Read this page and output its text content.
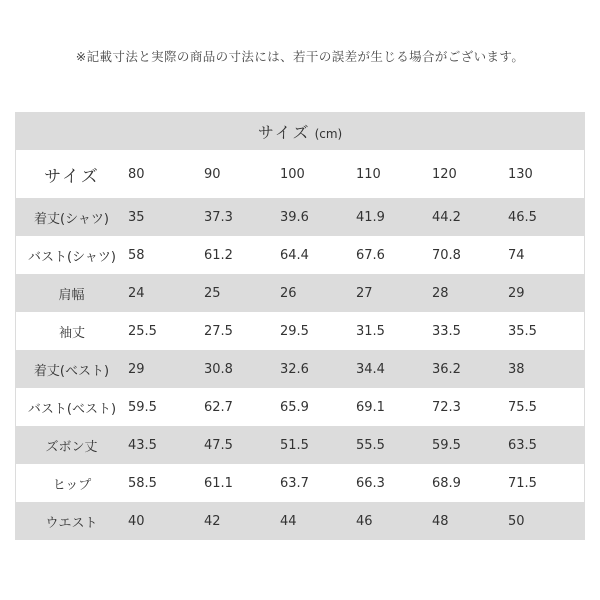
※記載寸法と実際の商品の寸法には、若干の誤差が生じる場合がございます。
サイズ (cm)						
サイズ	80	90	100	110	120	130
着丈(シャツ)	35	37.3	39.6	41.9	44.2	46.5
バスト(シャツ)	58	61.2	64.4	67.6	70.8	74
肩幅	24	25	26	27	28	29
袖丈	25.5	27.5	29.5	31.5	33.5	35.5
着丈(ベスト)	29	30.8	32.6	34.4	36.2	38
バスト(ベスト)	59.5	62.7	65.9	69.1	72.3	75.5
ズボン丈	43.5	47.5	51.5	55.5	59.5	63.5
ヒップ	58.5	61.1	63.7	66.3	68.9	71.5
ウエスト	40	42	44	46	48	50
